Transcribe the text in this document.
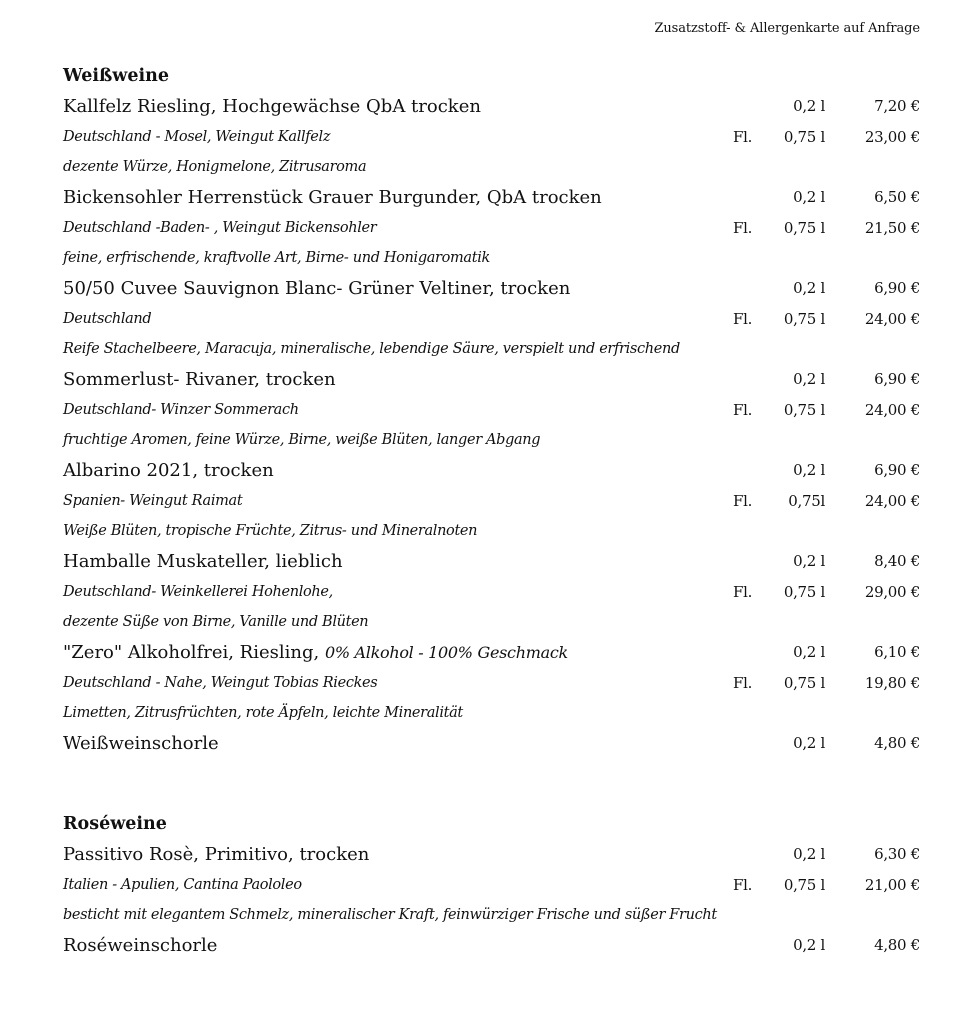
Zusatzstoff- & Allergenkarte auf Anfrage
Weißweine
Kallfelz Riesling, Hochgewächse QbA trocken	0,2 l	7,20 €
Deutschland - Mosel, Weingut Kallfelz	Fl. 0,75 l	23,00 €
dezente Würze, Honigmelone, Zitrusaroma
Bickensohler Herrenstück Grauer Burgunder, QbA trocken	0,2 l	6,50 €
Deutschland -Baden- , Weingut Bickensohler	Fl. 0,75 l	21,50 €
feine, erfrischende, kraftvolle Art, Birne- und Honigaromatik
50/50 Cuvee Sauvignon Blanc- Grüner Veltiner, trocken	0,2 l	6,90 €
Deutschland	Fl. 0,75 l	24,00 €
Reife Stachelbeere, Maracuja, mineralische, lebendige Säure, verspielt und erfrischend
Sommerlust- Rivaner, trocken	0,2 l	6,90 €
Deutschland- Winzer Sommerach	Fl. 0,75 l	24,00 €
fruchtige Aromen, feine Würze, Birne, weiße Blüten, langer Abgang
Albarino 2021, trocken	0,2 l	6,90 €
Spanien- Weingut Raimat	Fl. 0,75l	24,00 €
Weiße Blüten, tropische Früchte, Zitrus- und Mineralnoten
Hamballe Muskateller, lieblich	0,2 l	8,40 €
Deutschland- Weinkellerei Hohenlohe,	Fl. 0,75 l	29,00 €
dezente Süße von Birne, Vanille und Blüten
"Zero" Alkoholfrei, Riesling, 0% Alkohol - 100% Geschmack	0,2 l	6,10 €
Deutschland - Nahe, Weingut Tobias Rieckes	Fl. 0,75 l	19,80 €
Limetten, Zitrusfrüchten, rote Äpfeln, leichte Mineralität
Weißweinschorle	0,2 l	4,80 €
Roséweine
Passitivo Rosè, Primitivo, trocken	0,2 l	6,30 €
Italien - Apulien, Cantina Paololeo	Fl. 0,75 l	21,00 €
besticht mit elegantem Schmelz, mineralischer Kraft, feinwürziger Frische und süßer Frucht
Roséweinschorle	0,2 l	4,80 €
